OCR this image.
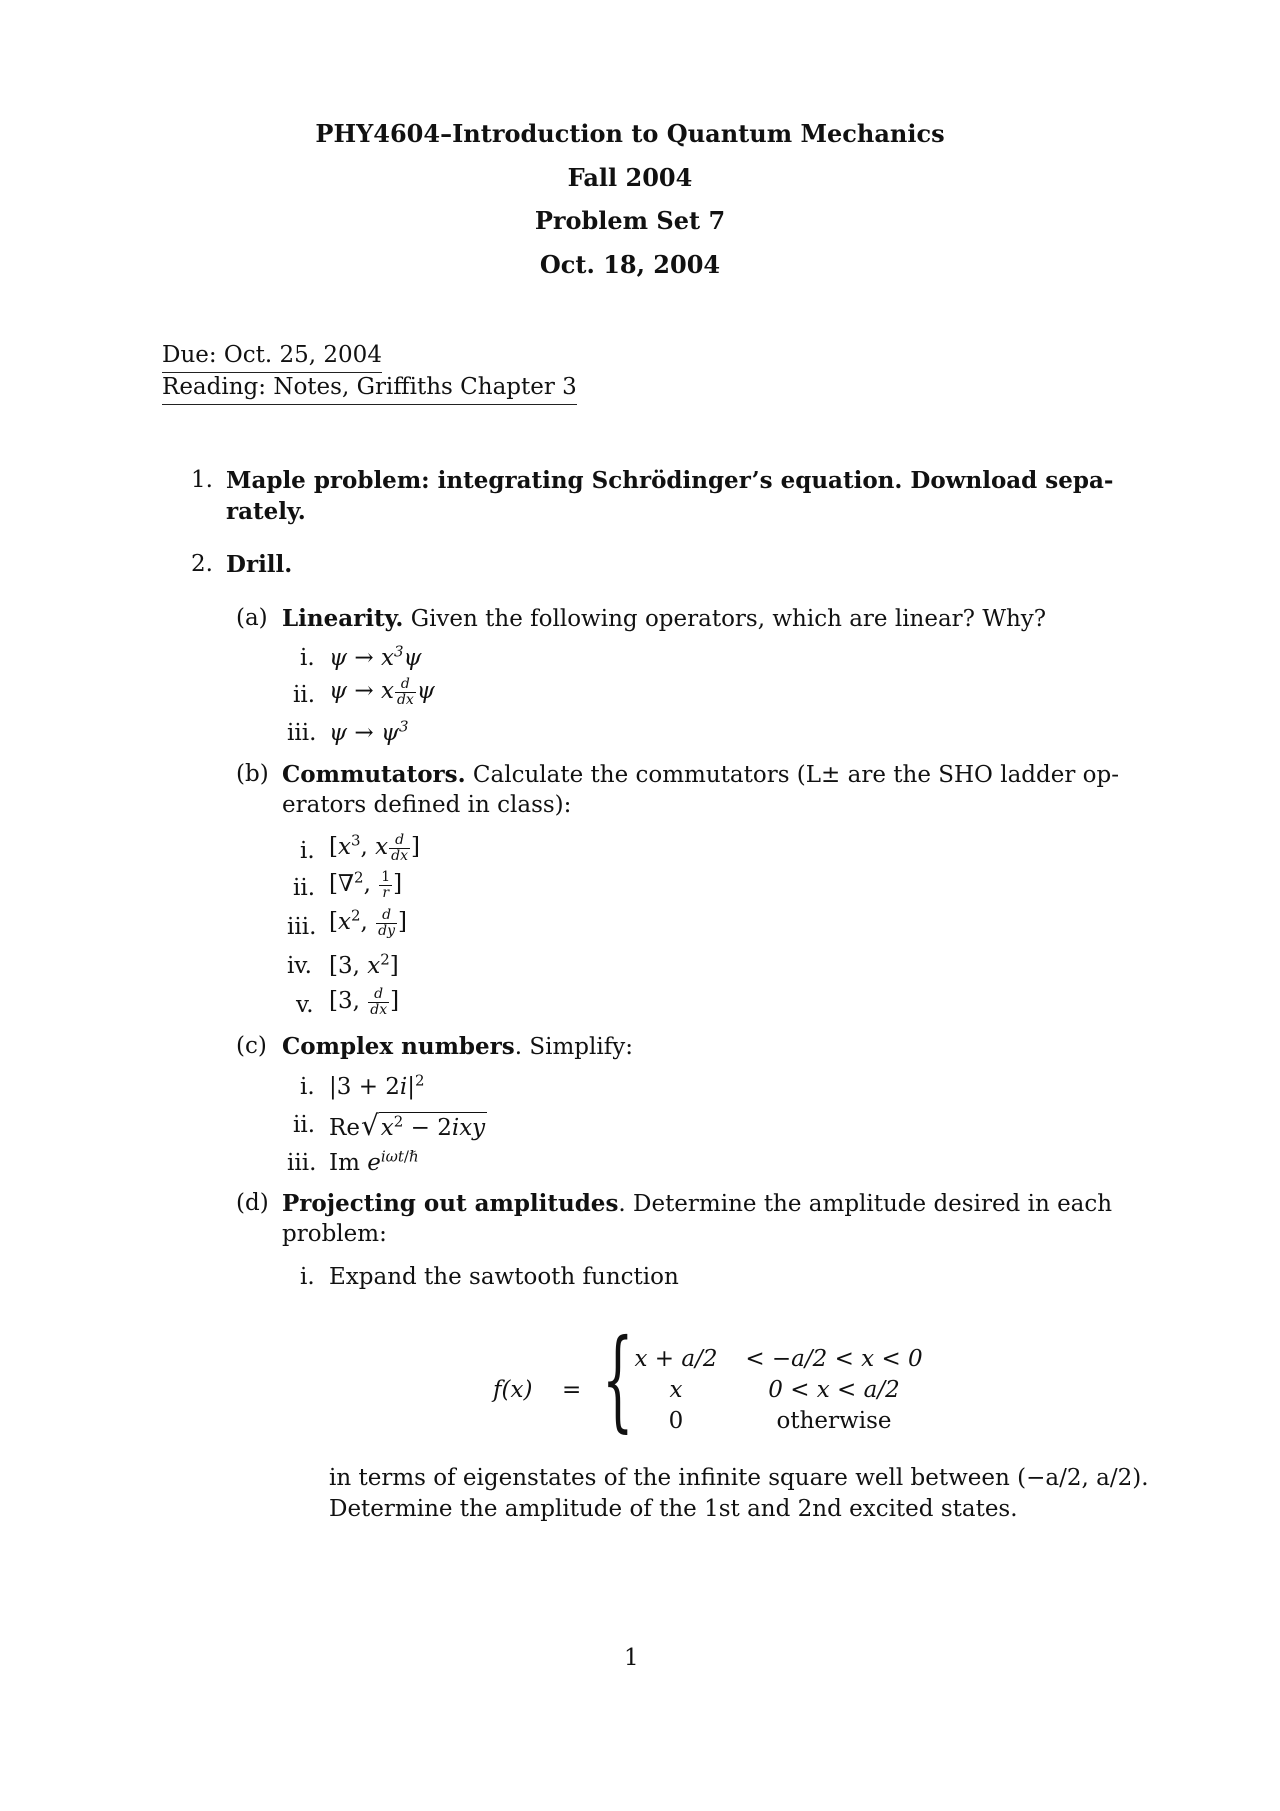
PHY4604–Introduction to Quantum Mechanics
Fall 2004
Problem Set 7
Oct. 18, 2004
Due: Oct. 25, 2004
Reading: Notes, Griffiths Chapter 3
1. Maple problem: integrating Schrödinger’s equation. Download sepa-
rately.
2. Drill.
(a) Linearity. Given the following operators, which are linear? Why?
i. $\psi \to x^3\psi$
ii. ψ → x $\frac{d}{dx}$ ψ
iii. $\psi \to \psi^3$
(b) Commutators. Calculate the commutators (L± are the SHO ladder op-
erators defined in class):
i. [$x^3$, x $\frac{d}{dx}$ ]
ii. [∇$^2$, $\frac{1}{r}$ ]
iii. [$x^2$, $\frac{d}{dy}$ ]
iv. [3, $x^2$]
v. [3, $\frac{d}{dx}$ ]
(c) Complex numbers. Simplify:
i. $|3 + 2i|^2$
ii. $Re√x^2 - 2ixy$
iii. Im $e^{i\omega t/\hbar}$
(d) Projecting out amplitudes. Determine the amplitude desired in each
problem:
i. Expand the sawtooth function
f(x) = { x + a/2 < −a/2 < x < 0
x	0 < x < a/2
0	otherwise
in terms of eigenstates of the infinite square well between (−a/2, a/2).
Determine the amplitude of the 1st and 2nd excited states.
1
